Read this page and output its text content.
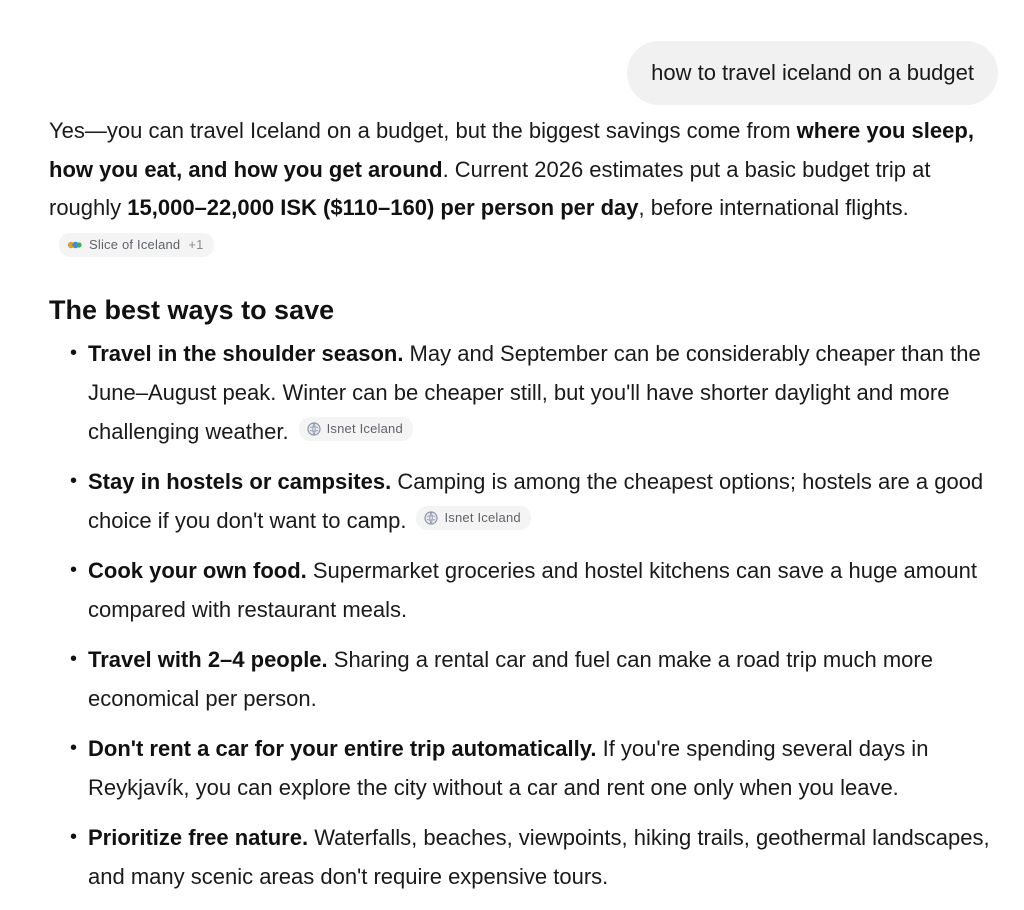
how to travel iceland on a budget

Yes—you can travel Iceland on a budget, but the biggest savings come from where you sleep, how you eat, and how you get around. Current 2026 estimates put a basic budget trip at roughly 15,000–22,000 ISK ($110–160) per person per day, before international flights.
Slice of Iceland +1

The best ways to save
• Travel in the shoulder season. May and September can be considerably cheaper than the June–August peak. Winter can be cheaper still, but you'll have shorter daylight and more challenging weather.	Isnet Iceland
• Stay in hostels or campsites. Camping is among the cheapest options; hostels are a good choice if you don't want to camp.	Isnet Iceland
• Cook your own food. Supermarket groceries and hostel kitchens can save a huge amount compared with restaurant meals.
• Travel with 2–4 people. Sharing a rental car and fuel can make a road trip much more economical per person.
• Don't rent a car for your entire trip automatically. If you're spending several days in Reykjavík, you can explore the city without a car and rent one only when you leave.
• Prioritize free nature. Waterfalls, beaches, viewpoints, hiking trails, geothermal landscapes, and many scenic areas don't require expensive tours.
